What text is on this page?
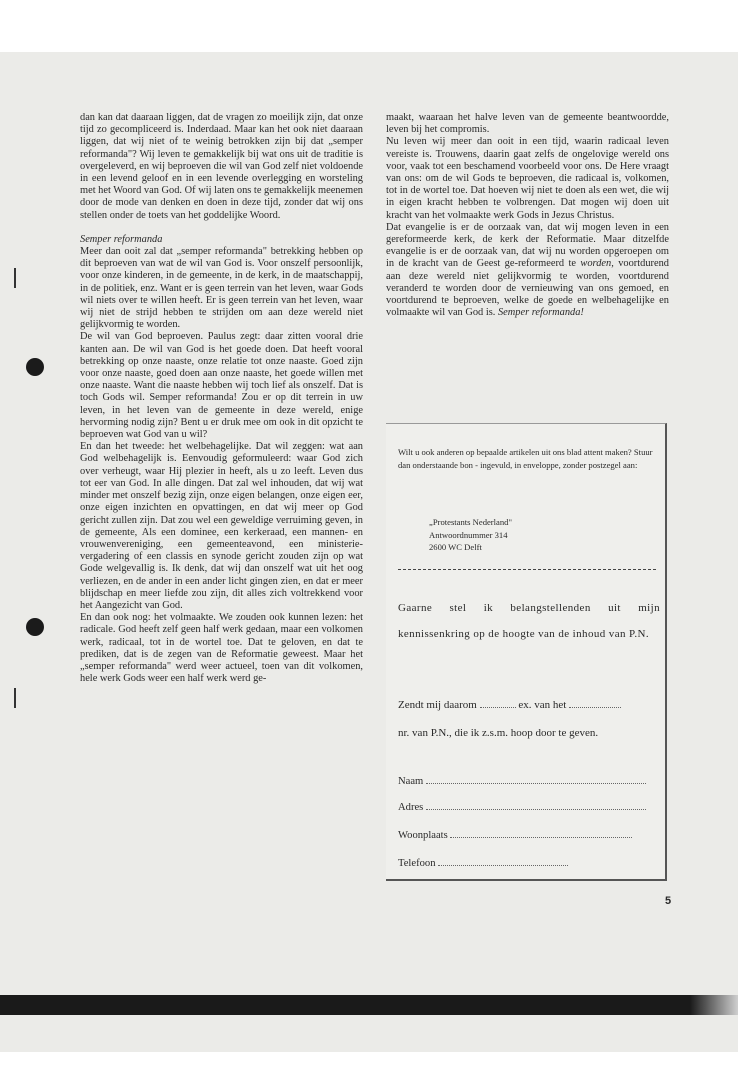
dan kan dat daaraan liggen, dat de vragen zo moeilijk zijn, dat onze tijd zo gecompliceerd is. Inderdaad. Maar kan het ook niet daaraan liggen, dat wij niet of te weinig betrokken zijn bij dat „semper reformanda"? Wij leven te gemakkelijk bij wat ons uit de traditie is overgeleverd, en wij beproeven die wil van God zelf niet voldoende in een levend geloof en in een levende overlegging en worsteling met het Woord van God. Of wij laten ons te gemakkelijk meenemen door de mode van denken en doen in deze tijd, zonder dat wij ons stellen onder de toets van het goddelijke Woord.

Semper reformanda

Meer dan ooit zal dat „semper reformanda" betrekking hebben op dit beproeven van wat de wil van God is. Voor onszelf persoonlijk, voor onze kinderen, in de gemeente, in de kerk, in de maatschappij, in de politiek, enz. Want er is geen terrein van het leven, waar Gods wil niets over te willen heeft. Er is geen terrein van het leven, waar wij niet de strijd hebben te strijden om aan deze wereld niet gelijkvormig te worden.

De wil van God beproeven. Paulus zegt: daar zitten vooral drie kanten aan. De wil van God is het goede doen. Dat heeft vooral betrekking op onze naaste, onze relatie tot onze naaste. Goed zijn voor onze naaste, goed doen aan onze naaste, het goede willen met onze naaste. Want die naaste hebben wij toch lief als onszelf. Dat is toch Gods wil. Semper reformanda! Zou er op dit terrein in uw leven, in het leven van de gemeente in deze wereld, enige hervorming nodig zijn? Bent u er druk mee om ook in dit opzicht te beproeven wat God van u wil?

En dan het tweede: het welbehagelijke. Dat wil zeggen: wat aan God welbehagelijk is. Eenvoudig geformuleerd: waar God zich over verheugt, waar Hij plezier in heeft, als u zo leeft. Leven dus tot eer van God. In alle dingen. Dat zal wel inhouden, dat wij wat minder met onszelf bezig zijn, onze eigen belangen, onze eigen eer, onze eigen inzichten en opvattingen, en dat wij meer op God gericht zullen zijn. Dat zou wel een geweldige verruiming geven, in de gemeente, Als een dominee, een kerkeraad, een mannen- en vrouwenvereniging, een gemeenteavond, een ministerie-vergadering of een classis en synode gericht zouden zijn op wat Gode welgevallig is. Ik denk, dat wij dan onszelf wat uit het oog verliezen, en de ander in een ander licht gingen zien, en dat er meer blijdschap en meer liefde zou zijn, dit alles zich voltrekkend voor het Aangezicht van God.

En dan ook nog: het volmaakte. We zouden ook kunnen lezen: het radicale. God heeft zelf geen half werk gedaan, maar een volkomen werk, radicaal, tot in de wortel toe. Dat te geloven, en dat te prediken, dat is de zegen van de Reformatie geweest. Maar het „semper reformanda" werd weer actueel, toen van dit volkomen, hele werk Gods weer een half werk werd ge-

maakt, waaraan het halve leven van de gemeente beantwoordde, leven bij het compromis.

Nu leven wij meer dan ooit in een tijd, waarin radicaal leven vereiste is. Trouwens, daarin gaat zelfs de ongelovige wereld ons voor, vaak tot een beschamend voorbeeld voor ons. De Here vraagt van ons: om de wil Gods te beproeven, die radicaal is, volkomen, tot in de wortel toe. Dat hoeven wij niet te doen als een wet, die wij in eigen kracht hebben te volbrengen. Dat mogen wij doen uit kracht van het volmaakte werk Gods in Jezus Christus.

Dat evangelie is er de oorzaak van, dat wij mogen leven in een gereformeerde kerk, de kerk der Reformatie. Maar ditzelfde evangelie is er de oorzaak van, dat wij nu worden opgeroepen om in de kracht van de Geest ge-reformeerd te worden, voortdurend aan deze wereld niet gelijkvormig te worden, voortdurend veranderd te worden door de vernieuwing van ons gemoed, en voortdurend te beproeven, welke de goede en welbehagelijke en volmaakte wil van God is. Semper reformanda!

Wilt u ook anderen op bepaalde artikelen uit ons blad attent maken? Stuur dan onderstaande bon - ingevuld, in enveloppe, zonder postzegel aan:
„Protestants Nederland"
Antwoordnummer 314
2600 WC Delft
Gaarne stel ik belangstellenden uit mijn kennissenkring op de hoogte van de inhoud van P.N.
Zendt mij daarom	ex. van het
nr. van P.N., die ik z.s.m. hoop door te geven.
Naam
Adres
Woonplaats
Telefoon
5
